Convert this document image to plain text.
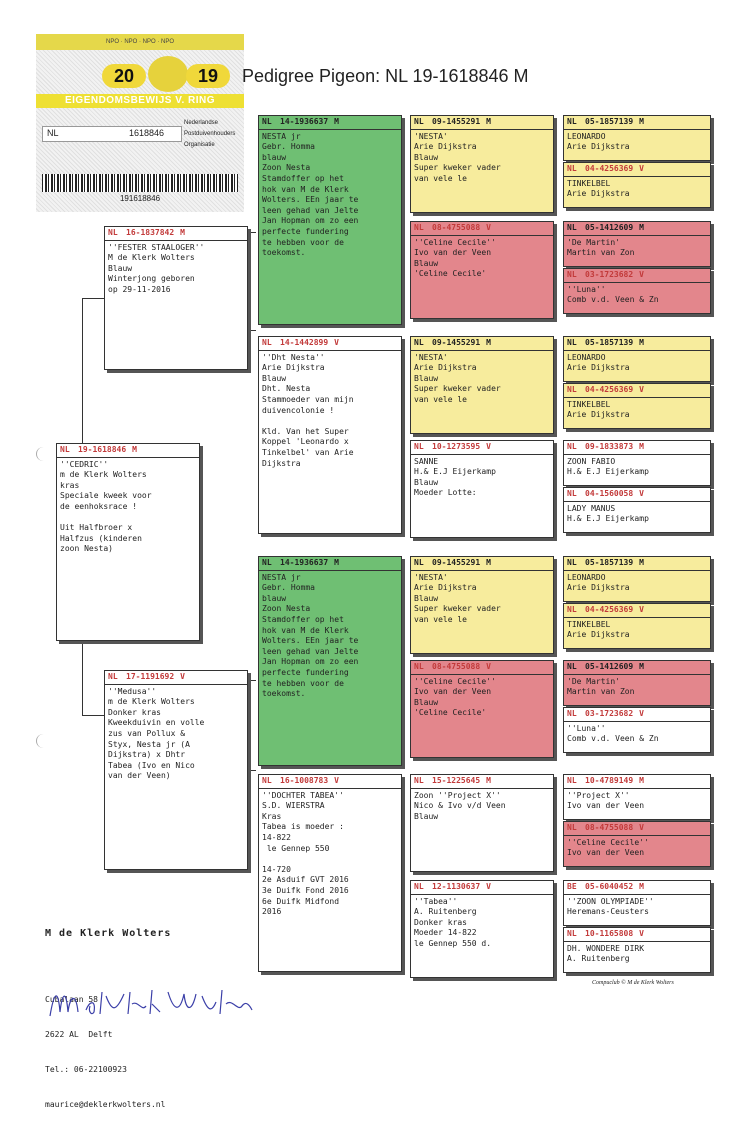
NPO · NPO · NPO · NPO
20	19
EIGENDOMSBEWIJS V. RING
NL	1618846
Nederlandse
Postduivenhouders
Organisatie
191618846
Pedigree Pigeon: NL 19-1618846 M
NL 19-1618846 M
''CEDRIC''
m de Klerk Wolters
kras
Speciale kweek voor
de eenhoksrace !

Uit Halfbroer x
Halfzus (kinderen
zoon Nesta)
NL 16-1837842 M
''FESTER STAALOGER''
M de Klerk Wolters
Blauw
Winterjong geboren
op 29-11-2016
NL 17-1191692 V
''Medusa''
m de Klerk Wolters
Donker kras
Kweekduivin en volle
zus van Pollux &
Styx, Nesta jr (A
Dijkstra) x Dhtr
Tabea (Ivo en Nico
van der Veen)
NL 14-1936637 M
NESTA jr
Gebr. Homma
blauw
Zoon Nesta
Stamdoffer op het
hok van M de Klerk
Wolters. EEn jaar te
leen gehad van Jelte
Jan Hopman om zo een
perfecte fundering
te hebben voor de
toekomst.
NL 14-1442899 V
''Dht Nesta''
Arie Dijkstra
Blauw
Dht. Nesta
Stammoeder van mijn
duivencolonie !

Kld. Van het Super
Koppel 'Leonardo x
Tinkelbel' van Arie
Dijkstra
NL 14-1936637 M
NESTA jr
Gebr. Homma
blauw
Zoon Nesta
Stamdoffer op het
hok van M de Klerk
Wolters. EEn jaar te
leen gehad van Jelte
Jan Hopman om zo een
perfecte fundering
te hebben voor de
toekomst.
NL 16-1008783 V
''DOCHTER TABEA''
S.D. WIERSTRA
Kras
Tabea is moeder :
14-822
le Gennep 550

14-720
2e Asduif GVT 2016
3e Duifk Fond 2016
6e Duifk Midfond
2016
NL 09-1455291 M
'NESTA'
Arie Dijkstra
Blauw
Super kweker vader
van vele le
NL 08-4755088 V
''Celine Cecile''
Ivo van der Veen
Blauw
'Celine Cecile'
NL 09-1455291 M
'NESTA'
Arie Dijkstra
Blauw
Super kweker vader
van vele le
NL 10-1273595 V
SANNE
H.& E.J Eijerkamp
Blauw
Moeder Lotte:
NL 09-1455291 M
'NESTA'
Arie Dijkstra
Blauw
Super kweker vader
van vele le
NL 08-4755088 V
''Celine Cecile''
Ivo van der Veen
Blauw
'Celine Cecile'
NL 15-1225645 M
Zoon ''Project X''
Nico & Ivo v/d Veen
Blauw
NL 12-1130637 V
''Tabea''
A. Ruitenberg
Donker kras
Moeder 14-822
le Gennep 550 d.
NL 05-1857139 M
LEONARDO
Arie Dijkstra
NL 04-4256369 V
TINKELBEL
Arie Dijkstra
NL 05-1412609 M
'De Martin'
Martin van Zon
NL 03-1723682 V
''Luna''
Comb v.d. Veen & Zn
NL 05-1857139 M
LEONARDO
Arie Dijkstra
NL 04-4256369 V
TINKELBEL
Arie Dijkstra
NL 09-1833873 M
ZOON FABIO
H.& E.J Eijerkamp
NL 04-1560058 V
LADY MANUS
H.& E.J Eijerkamp
NL 05-1857139 M
LEONARDO
Arie Dijkstra
NL 04-4256369 V
TINKELBEL
Arie Dijkstra
NL 05-1412609 M
'De Martin'
Martin van Zon
NL 03-1723682 V
''Luna''
Comb v.d. Veen & Zn
NL 10-4789149 M
''Project X''
Ivo van der Veen
NL 08-4755088 V
''Celine Cecile''
Ivo van der Veen
BE 05-6040452 M
''ZOON OLYMPIADE''
Heremans-Ceusters
NL 10-1165808 V
DH. WONDERE DIRK
A. Ruitenberg

M de Klerk Wolters

Cubalaan 58

2622 AL  Delft

Tel.: 06-22100923

maurice@deklerkwolters.nl

Compuclub © M de Klerk Wolters
